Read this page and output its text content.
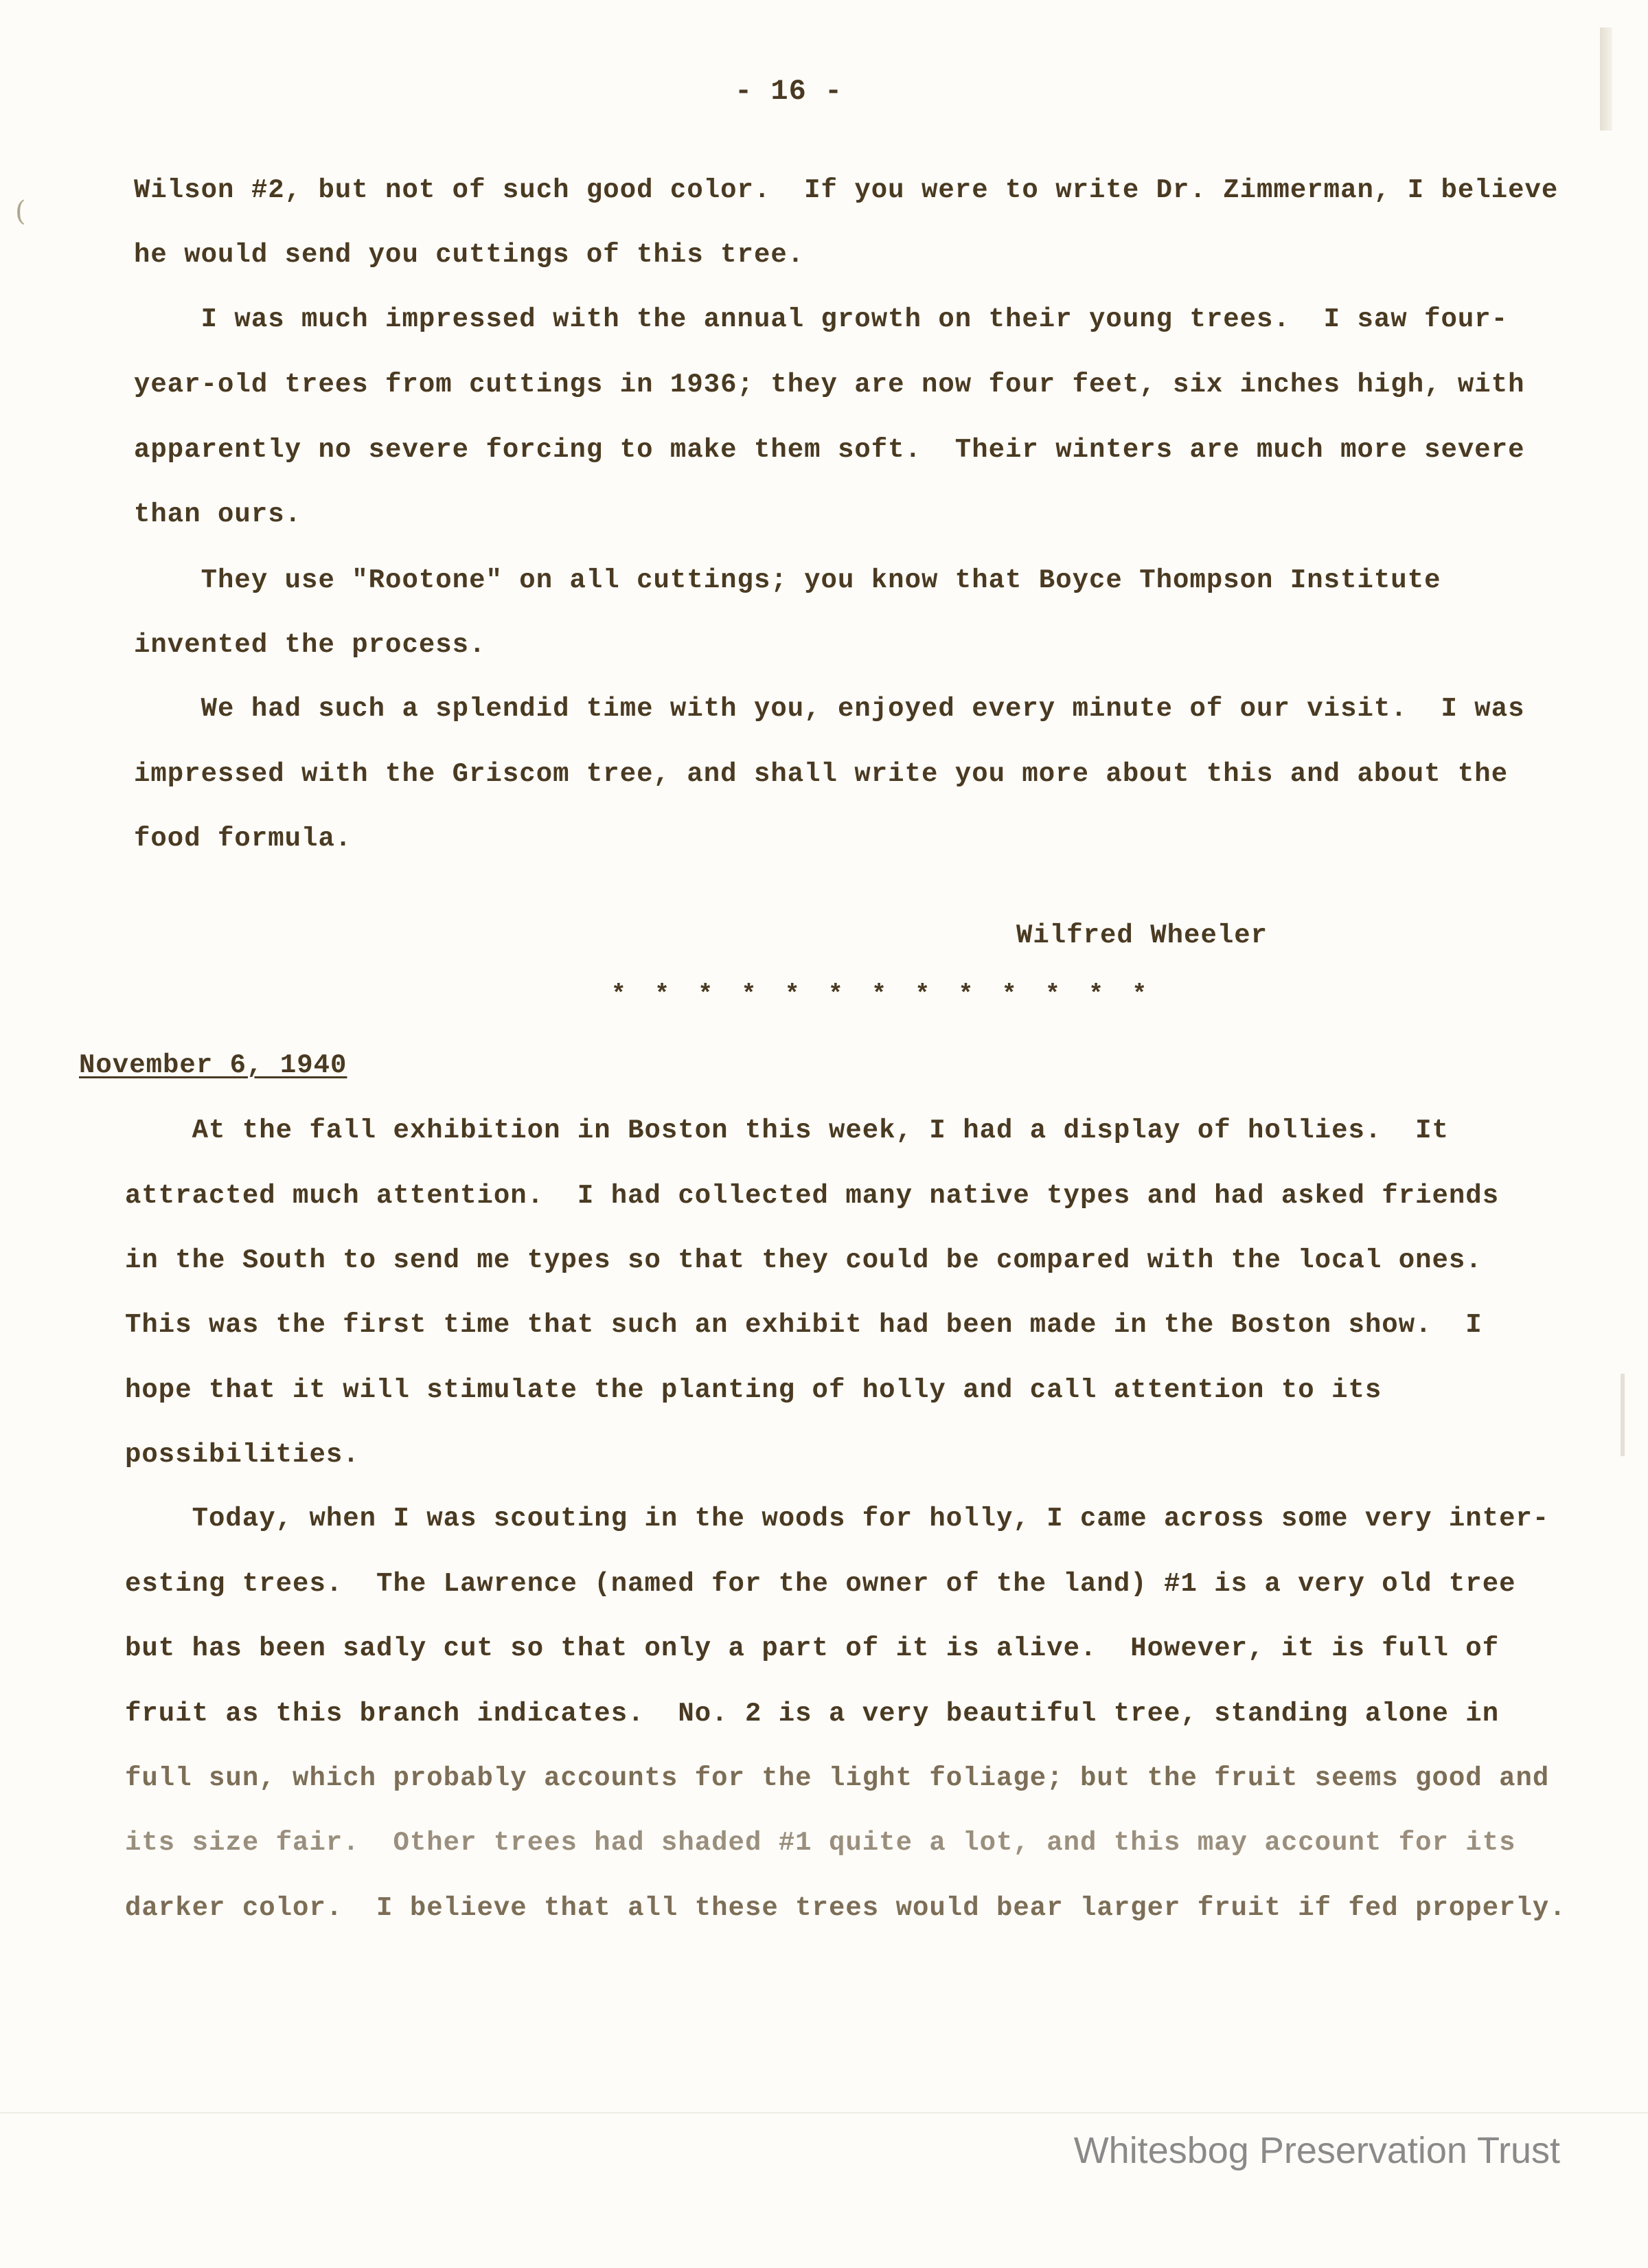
(
- 16 -
Wilson #2, but not of such good color.  If you were to write Dr. Zimmerman, I believe
he would send you cuttings of this tree.
I was much impressed with the annual growth on their young trees.  I saw four-
year-old trees from cuttings in 1936; they are now four feet, six inches high, with
apparently no severe forcing to make them soft.  Their winters are much more severe
than ours.
They use "Rootone" on all cuttings; you know that Boyce Thompson Institute
invented the process.
We had such a splendid time with you, enjoyed every minute of our visit.  I was
impressed with the Griscom tree, and shall write you more about this and about the
food formula.
Wilfred Wheeler
* * * * * * * * * * * * *
November 6, 1940
At the fall exhibition in Boston this week, I had a display of hollies.  It
attracted much attention.  I had collected many native types and had asked friends
in the South to send me types so that they could be compared with the local ones.
This was the first time that such an exhibit had been made in the Boston show.  I
hope that it will stimulate the planting of holly and call attention to its
possibilities.
Today, when I was scouting in the woods for holly, I came across some very inter-
esting trees.  The Lawrence (named for the owner of the land) #1 is a very old tree
but has been sadly cut so that only a part of it is alive.  However, it is full of
fruit as this branch indicates.  No. 2 is a very beautiful tree, standing alone in
full sun, which probably accounts for the light foliage; but the fruit seems good and
its size fair.  Other trees had shaded #1 quite a lot, and this may account for its
darker color.  I believe that all these trees would bear larger fruit if fed properly.
Whitesbog Preservation Trust
